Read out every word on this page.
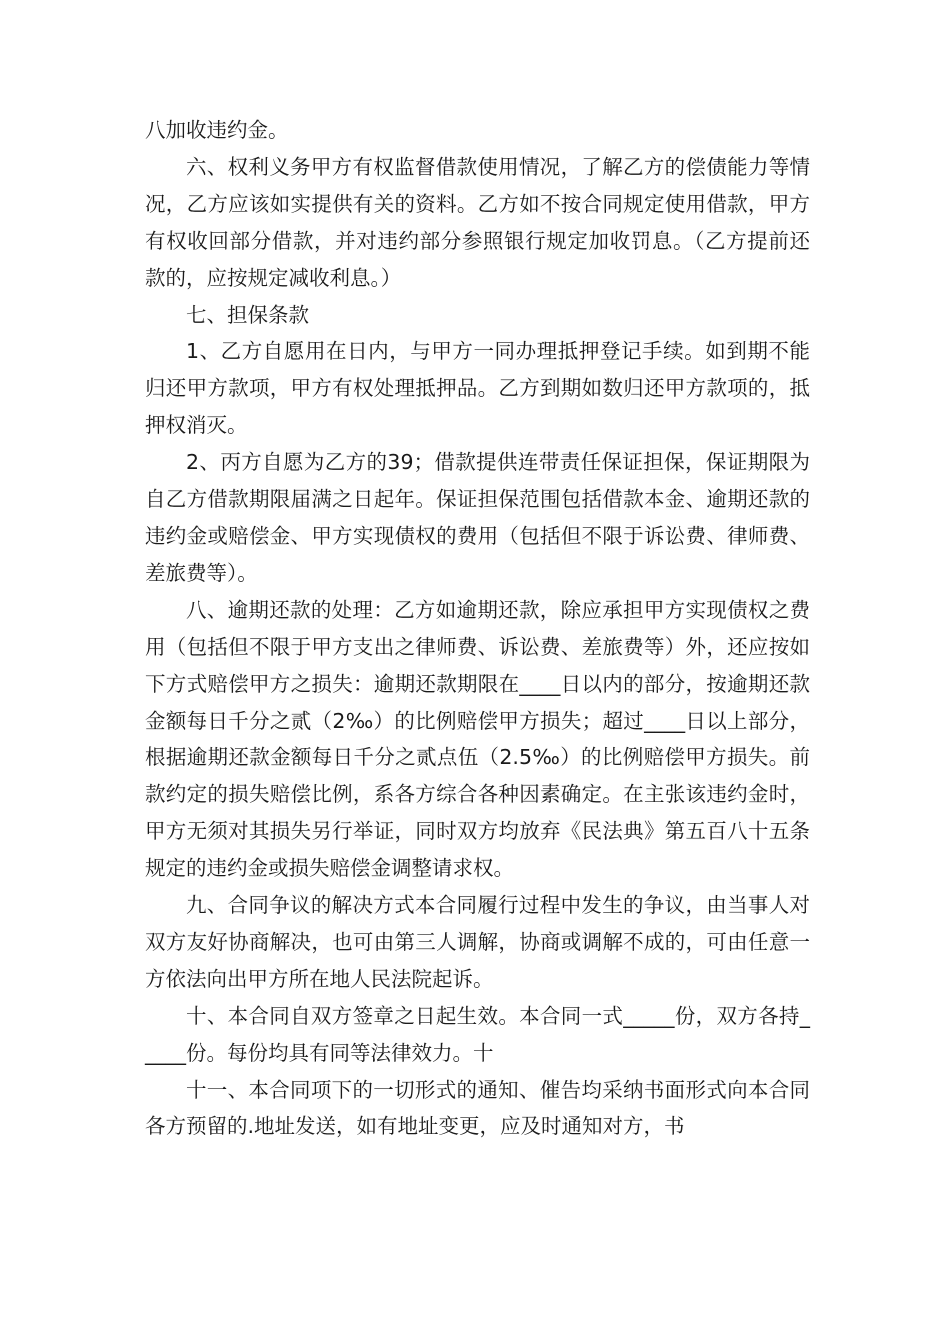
八加收违约金。

六、权利义务甲方有权监督借款使用情况，了解乙方的偿债能力等情况，乙方应该如实提供有关的资料。乙方如不按合同规定使用借款，甲方有权收回部分借款，并对违约部分参照银行规定加收罚息。（乙方提前还款的，应按规定减收利息。）

七、担保条款

1、乙方自愿用在日内，与甲方一同办理抵押登记手续。如到期不能归还甲方款项，甲方有权处理抵押品。乙方到期如数归还甲方款项的，抵押权消灭。

2、丙方自愿为乙方的39；借款提供连带责任保证担保，保证期限为自乙方借款期限届满之日起年。保证担保范围包括借款本金、逾期还款的违约金或赔偿金、甲方实现债权的费用（包括但不限于诉讼费、律师费、差旅费等）。

八、逾期还款的处理：乙方如逾期还款，除应承担甲方实现债权之费用（包括但不限于甲方支出之律师费、诉讼费、差旅费等）外，还应按如下方式赔偿甲方之损失：逾期还款期限在____日以内的部分，按逾期还款金额每日千分之贰（2‰）的比例赔偿甲方损失；超过____日以上部分，根据逾期还款金额每日千分之贰点伍（2.5‰）的比例赔偿甲方损失。前款约定的损失赔偿比例，系各方综合各种因素确定。在主张该违约金时，甲方无须对其损失另行举证，同时双方均放弃《民法典》第五百八十五条规定的违约金或损失赔偿金调整请求权。

九、合同争议的解决方式本合同履行过程中发生的争议，由当事人对双方友好协商解决，也可由第三人调解，协商或调解不成的，可由任意一方依法向出甲方所在地人民法院起诉。

十、本合同自双方签章之日起生效。本合同一式_____份，双方各持_____份。每份均具有同等法律效力。十

十一、本合同项下的一切形式的通知、催告均采纳书面形式向本合同各方预留的.地址发送，如有地址变更，应及时通知对方，书
